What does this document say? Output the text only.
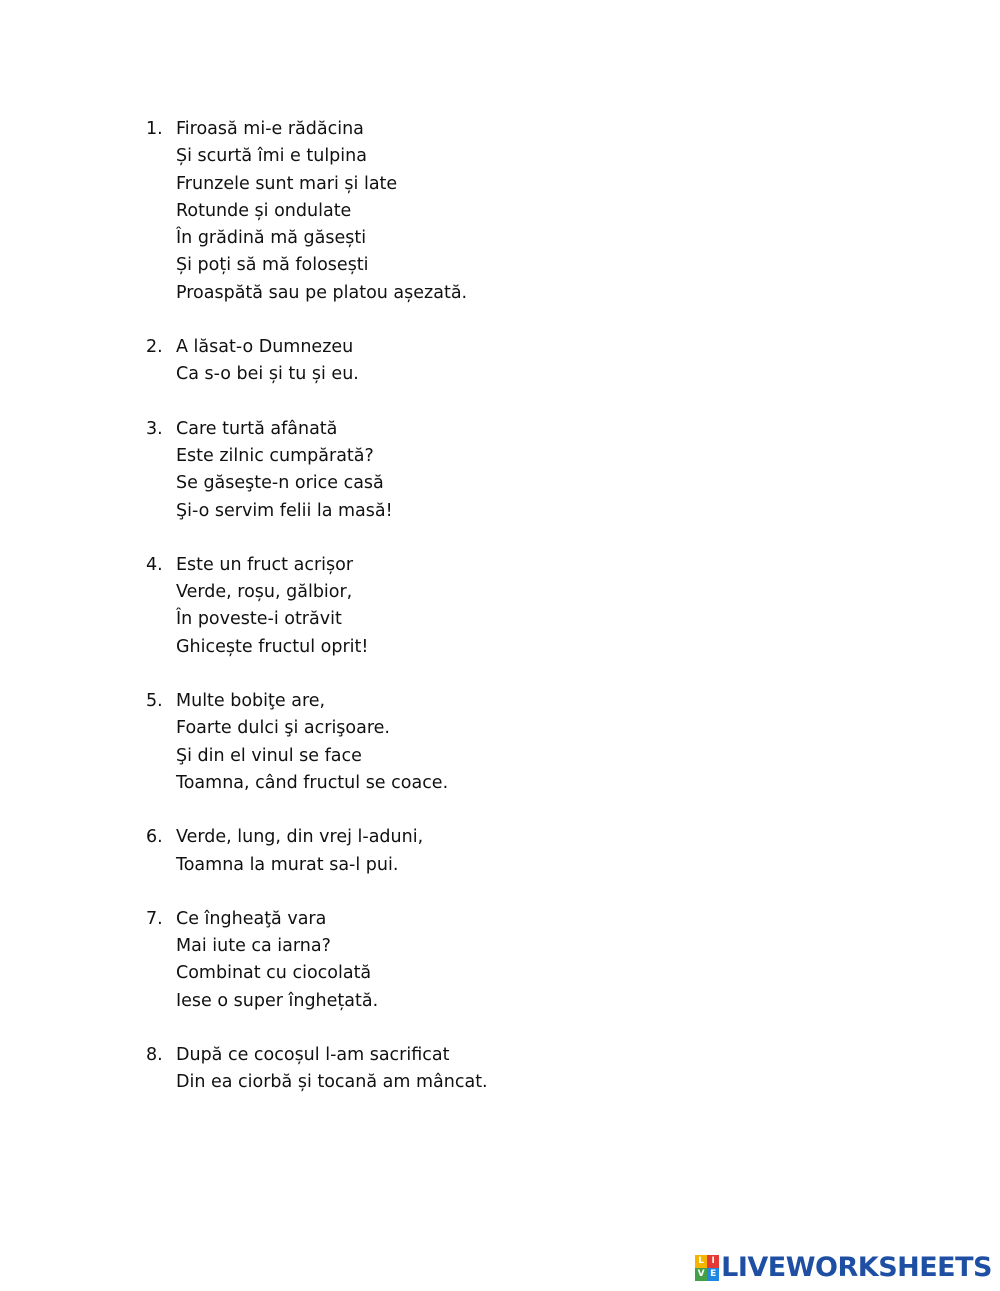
1. Firoasă mi-e rădăcina
Și scurtă îmi e tulpina
Frunzele sunt mari și late
Rotunde și ondulate
În grădină mă găsești
Și poți să mă folosești
Proaspătă sau pe platou așezată.
2. A lăsat-o Dumnezeu
Ca s-o bei și tu și eu.
3. Care turtă afânată
Este zilnic cumpărată?
Se găseşte-n orice casă
Şi-o servim felii la masă!
4. Este un fruct acrișor
Verde, roșu, gălbior,
În poveste-i otrăvit
Ghicește fructul oprit!
5. Multe bobiţe are,
Foarte dulci şi acrişoare.
Şi din el vinul se face
Toamna, când fructul se coace.
6. Verde, lung, din vrej l-aduni,
Toamna la murat sa-l pui.
7. Ce îngheaţă vara
Mai iute ca iarna?
Combinat cu ciocolată
Iese o super înghețată.
8. După ce cocoșul l-am sacrificat
Din ea ciorbă și tocană am mâncat.
L I
V E LIVEWORKSHEETS
